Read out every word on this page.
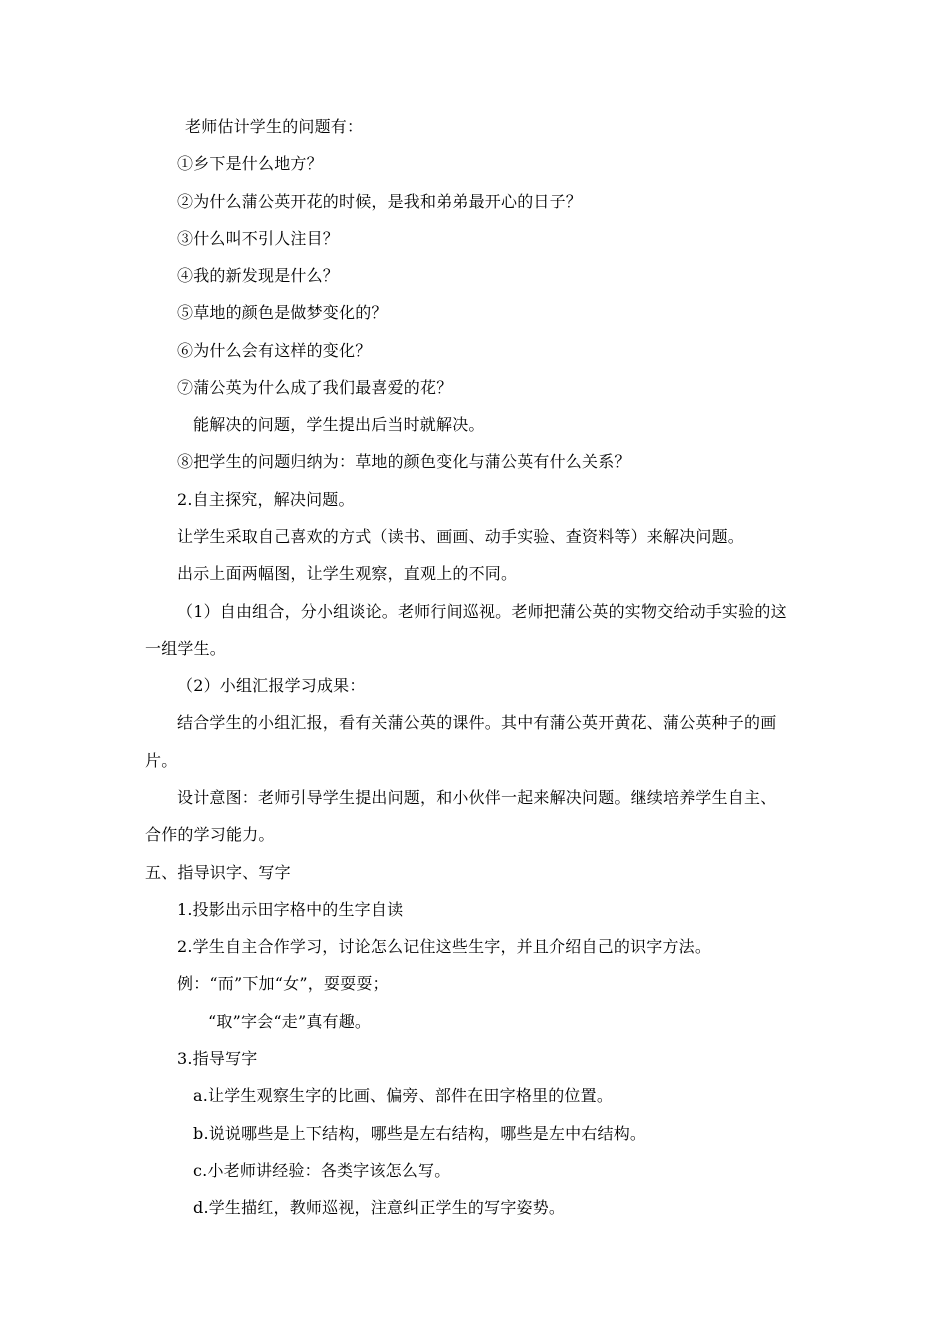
老师估计学生的问题有：
①乡下是什么地方？
②为什么蒲公英开花的时候，是我和弟弟最开心的日子？
③什么叫不引人注目？
④我的新发现是什么？
⑤草地的颜色是做梦变化的？
⑥为什么会有这样的变化？
⑦蒲公英为什么成了我们最喜爱的花？
能解决的问题，学生提出后当时就解决。
⑧把学生的问题归纳为：草地的颜色变化与蒲公英有什么关系？
2.自主探究，解决问题。
让学生采取自己喜欢的方式（读书、画画、动手实验、查资料等）来解决问题。
出示上面两幅图，让学生观察，直观上的不同。
（1）自由组合，分小组谈论。老师行间巡视。老师把蒲公英的实物交给动手实验的这
一组学生。
（2）小组汇报学习成果：
结合学生的小组汇报，看有关蒲公英的课件。其中有蒲公英开黄花、蒲公英种子的画
片。
设计意图：老师引导学生提出问题，和小伙伴一起来解决问题。继续培养学生自主、
合作的学习能力。
五、指导识字、写字
1.投影出示田字格中的生字自读
2.学生自主合作学习，讨论怎么记住这些生字，并且介绍自己的识字方法。
例：“而”下加“女”，耍耍耍；
“取”字会“走”真有趣。
3.指导写字
a.让学生观察生字的比画、偏旁、部件在田字格里的位置。
b.说说哪些是上下结构，哪些是左右结构，哪些是左中右结构。
c.小老师讲经验：各类字该怎么写。
d.学生描红，教师巡视，注意纠正学生的写字姿势。
